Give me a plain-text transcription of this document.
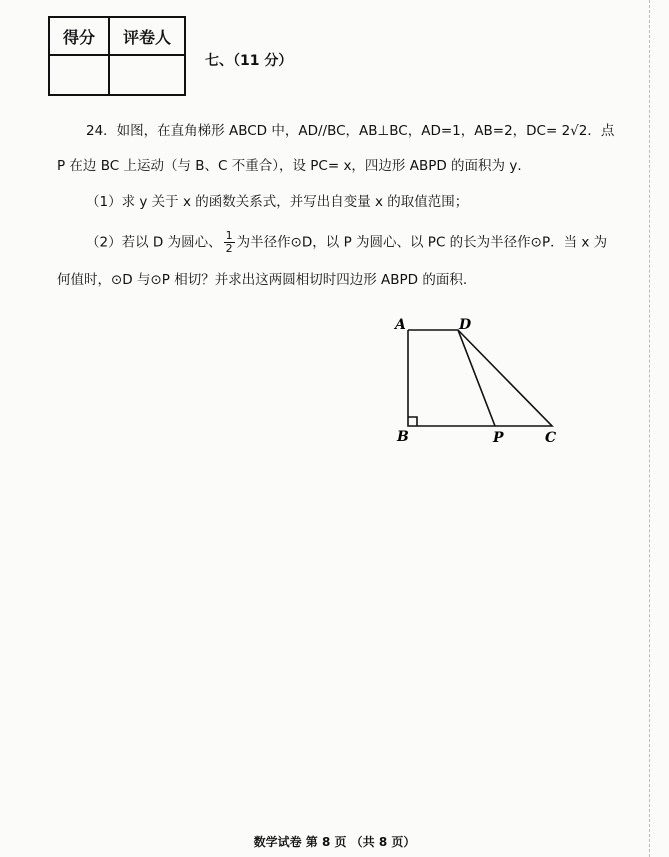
得分	评卷人

七、（11 分）
24．如图，在直角梯形 ABCD 中，AD//BC，AB⊥BC，AD=1，AB=2，DC= 2√2．点
P 在边 BC 上运动（与 B、C 不重合），设 PC= x，四边形 ABPD 的面积为 y．
（1）求 y 关于 x 的函数关系式，并写出自变量 x 的取值范围；
（2）若以 D 为圆心、 $\frac{1}{2}$ 为半径作⊙D，以 P 为圆心、以 PC 的长为半径作⊙P．当 x 为
何值时，⊙D 与⊙P 相切？并求出这两圆相切时四边形 ABPD 的面积.
A	D
B	P	C
数学试卷 第 8 页 （共 8 页）
